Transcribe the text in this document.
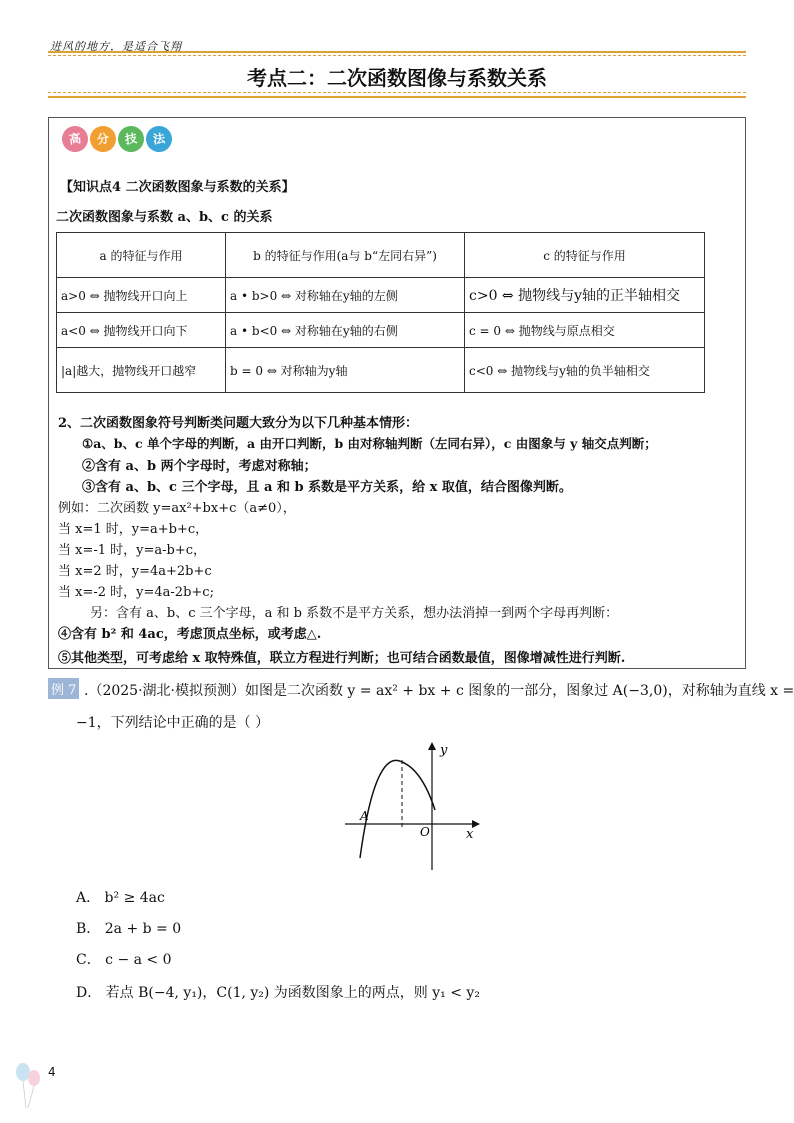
进风的地方，是适合飞翔
考点二：二次函数图像与系数关系
高	分	技	法
【知识点4 二次函数图象与系数的关系】
二次函数图象与系数 a、b、c 的关系
a 的特征与作用	b 的特征与作用(a与 b“左同右异”)	c 的特征与作用
a>0 ⇔ 抛物线开口向上	a • b>0 ⇔ 对称轴在y轴的左侧	c>0 ⇔ 抛物线与y轴的正半轴相交
a<0 ⇔ 抛物线开口向下	a • b<0 ⇔ 对称轴在y轴的右侧	c = 0 ⇔ 抛物线与原点相交
|a|越大，抛物线开口越窄	b = 0 ⇔ 对称轴为y轴	c<0 ⇔ 抛物线与y轴的负半轴相交
2、二次函数图象符号判断类问题大致分为以下几种基本情形：
①a、b、c 单个字母的判断，a 由开口判断，b 由对称轴判断（左同右异），c 由图象与 y 轴交点判断；
②含有 a、b 两个字母时，考虑对称轴；
③含有 a、b、c 三个字母，且 a 和 b 系数是平方关系，给 x 取值，结合图像判断。
例如：二次函数 y=ax²+bx+c（a≠0），
当 x=1 时，y=a+b+c，
当 x=-1 时，y=a-b+c，
当 x=2 时，y=4a+2b+c
当 x=-2 时，y=4a-2b+c;
另：含有 a、b、c 三个字母，a 和 b 系数不是平方关系，想办法消掉一到两个字母再判断：
④含有 b² 和 4ac，考虑顶点坐标，或考虑△.
⑤其他类型，可考虑给 x 取特殊值，联立方程进行判断；也可结合函数最值，图像增减性进行判断.
例 7 .（2025·湖北·模拟预测）如图是二次函数 y = ax² + bx + c 图象的一部分，图象过 A(−3,0)，对称轴为直线 x =
−1，下列结论中正确的是（ ）
y
x
O
A
A． b² ≥ 4ac
B． 2a + b = 0
C． c − a < 0
D． 若点 B(−4, y₁)，C(1, y₂) 为函数图象上的两点，则 y₁ < y₂
4
